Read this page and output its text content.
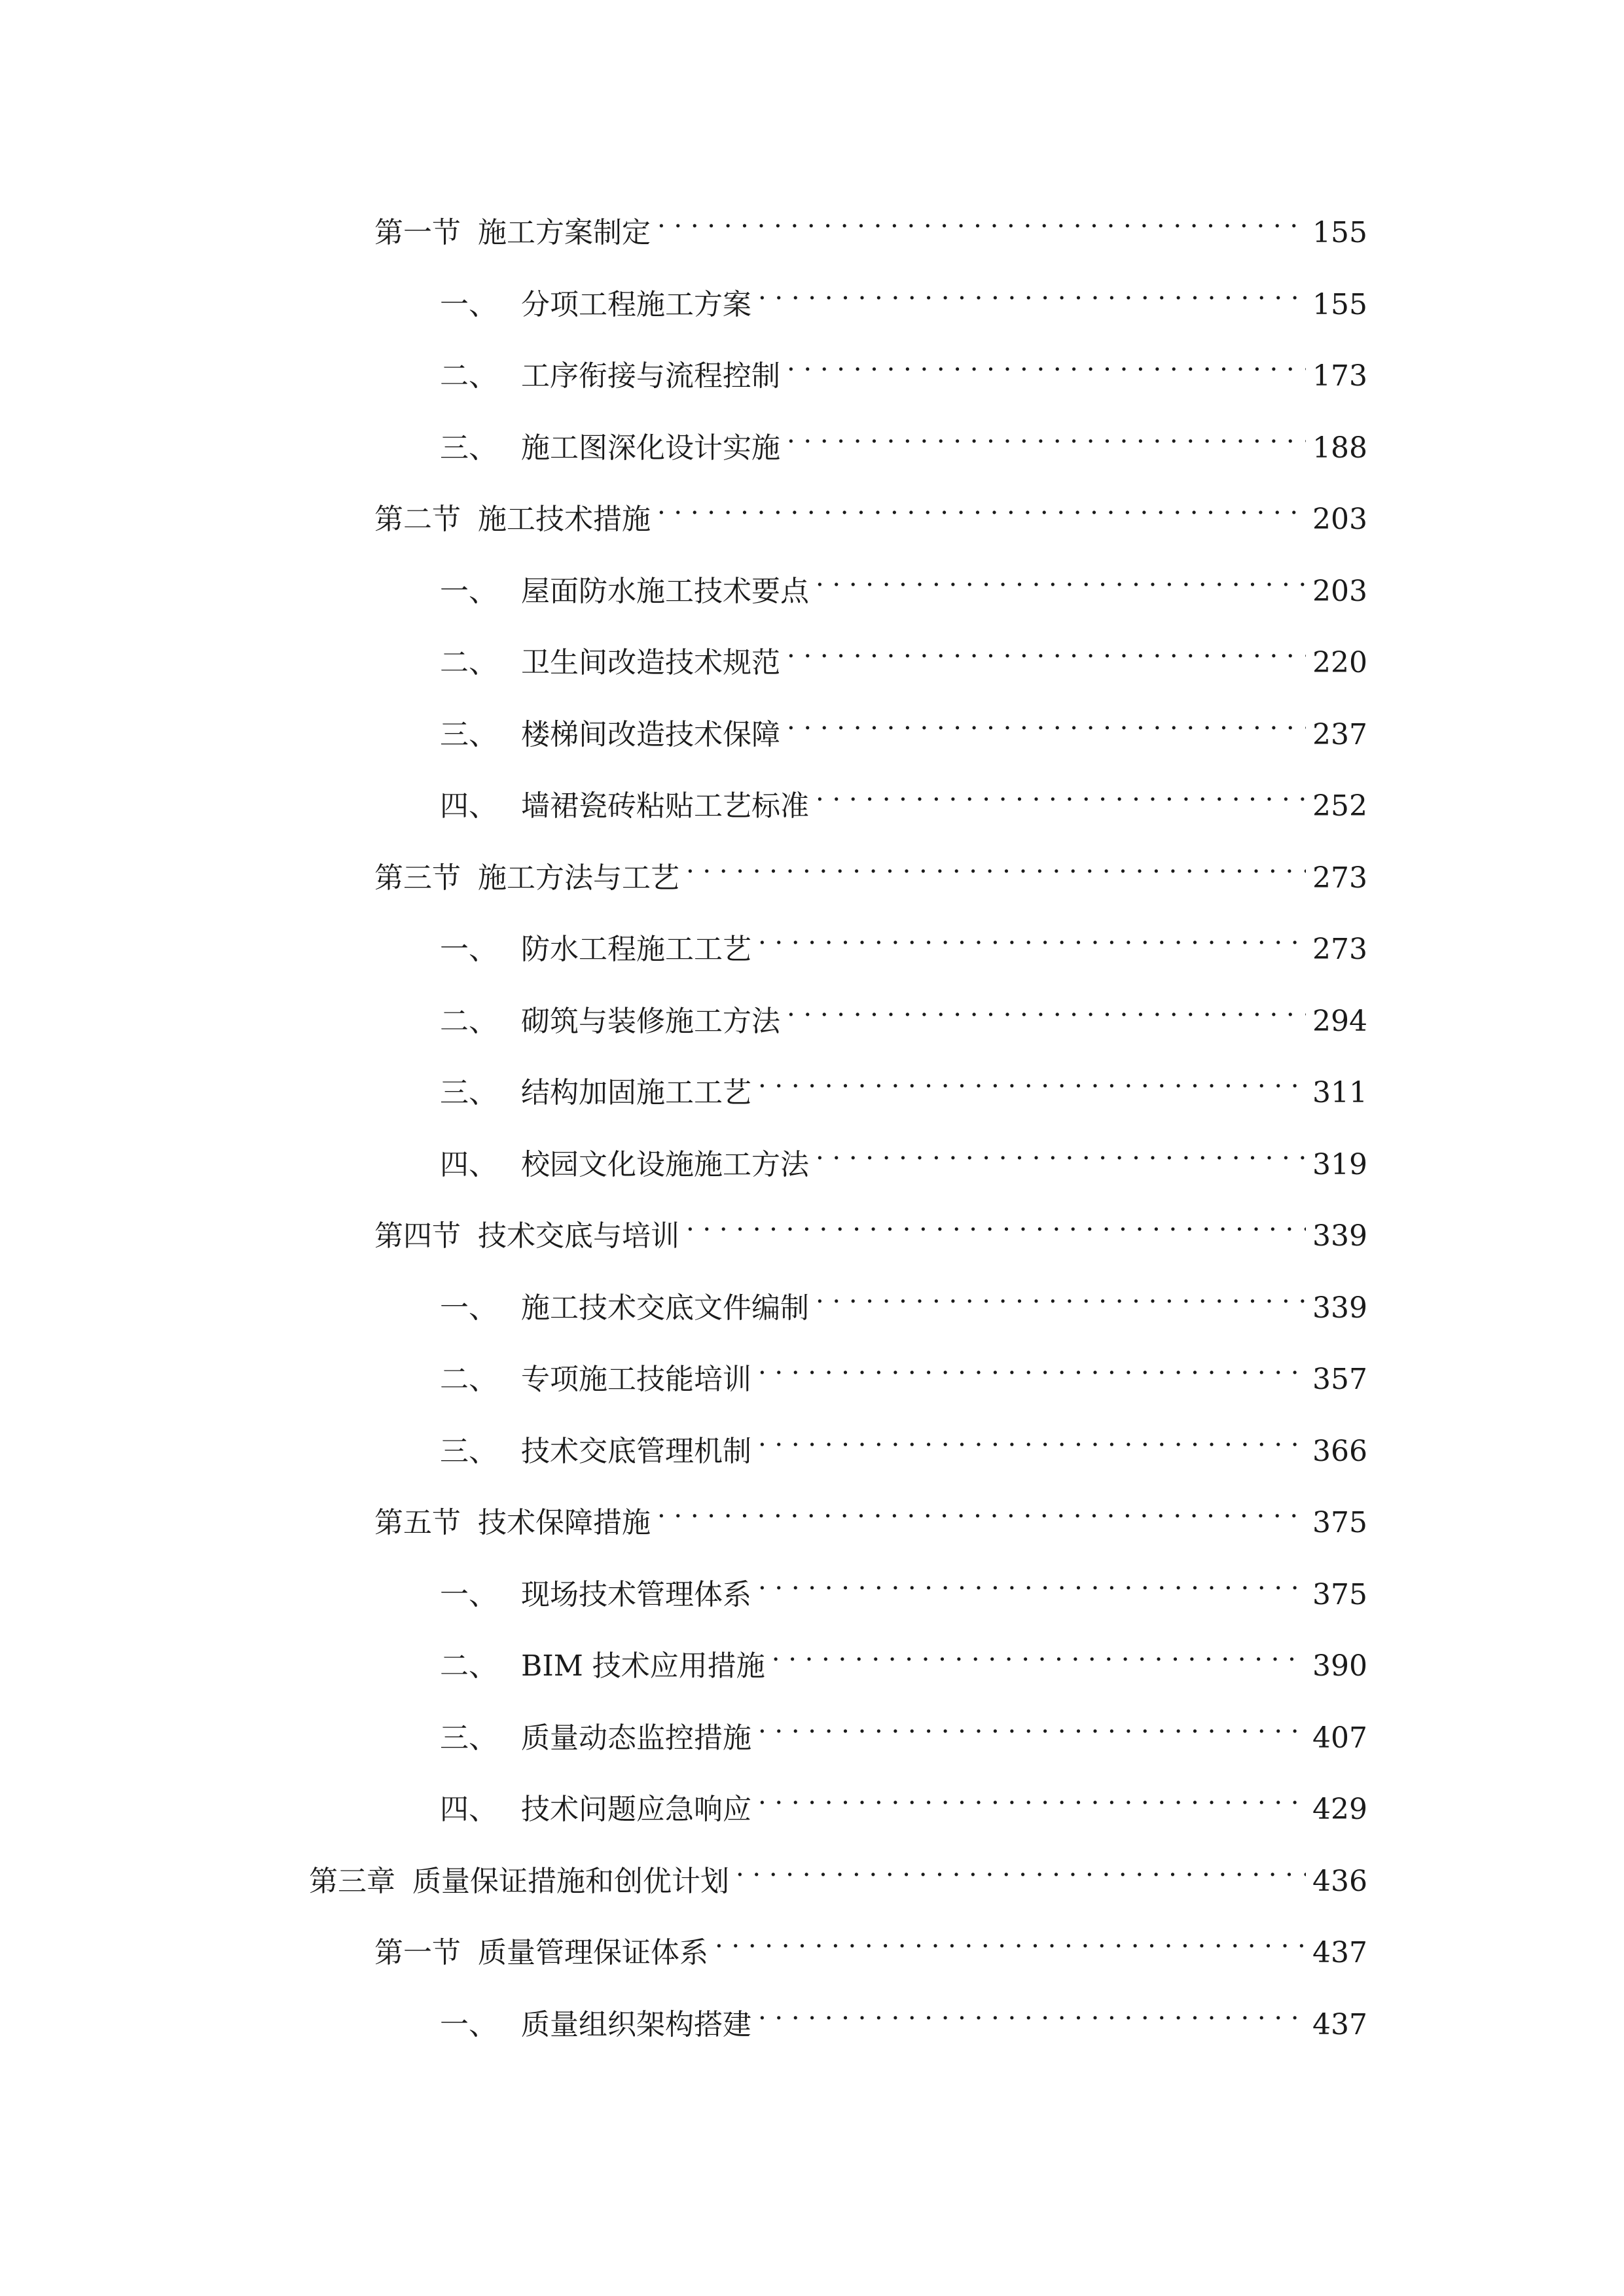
第一节 施工方案制定 . . .	155
一、 分项工程施工方案 . . .	155
二、 工序衔接与流程控制 . . .	173
三、 施工图深化设计实施 . . .	188
第二节 施工技术措施 . . .	203
一、 屋面防水施工技术要点 . . .	203
二、 卫生间改造技术规范 . . .	220
三、 楼梯间改造技术保障 . . .	237
四、 墙裙瓷砖粘贴工艺标准 . . .	252
第三节 施工方法与工艺 . . .	273
一、 防水工程施工工艺 . . .	273
二、 砌筑与装修施工方法 . . .	294
三、 结构加固施工工艺 . . .	311
四、 校园文化设施施工方法 . . .	319
第四节 技术交底与培训 . . .	339
一、 施工技术交底文件编制 . . .	339
二、 专项施工技能培训 . . .	357
三、 技术交底管理机制 . . .	366
第五节 技术保障措施 . . .	375
一、 现场技术管理体系 . . .	375
二、 BIM 技术应用措施 . . .	390
三、 质量动态监控措施 . . .	407
四、 技术问题应急响应 . . .	429
第三章 质量保证措施和创优计划 . . .	436
第一节 质量管理保证体系 . . .	437
一、 质量组织架构搭建 . . .	437
